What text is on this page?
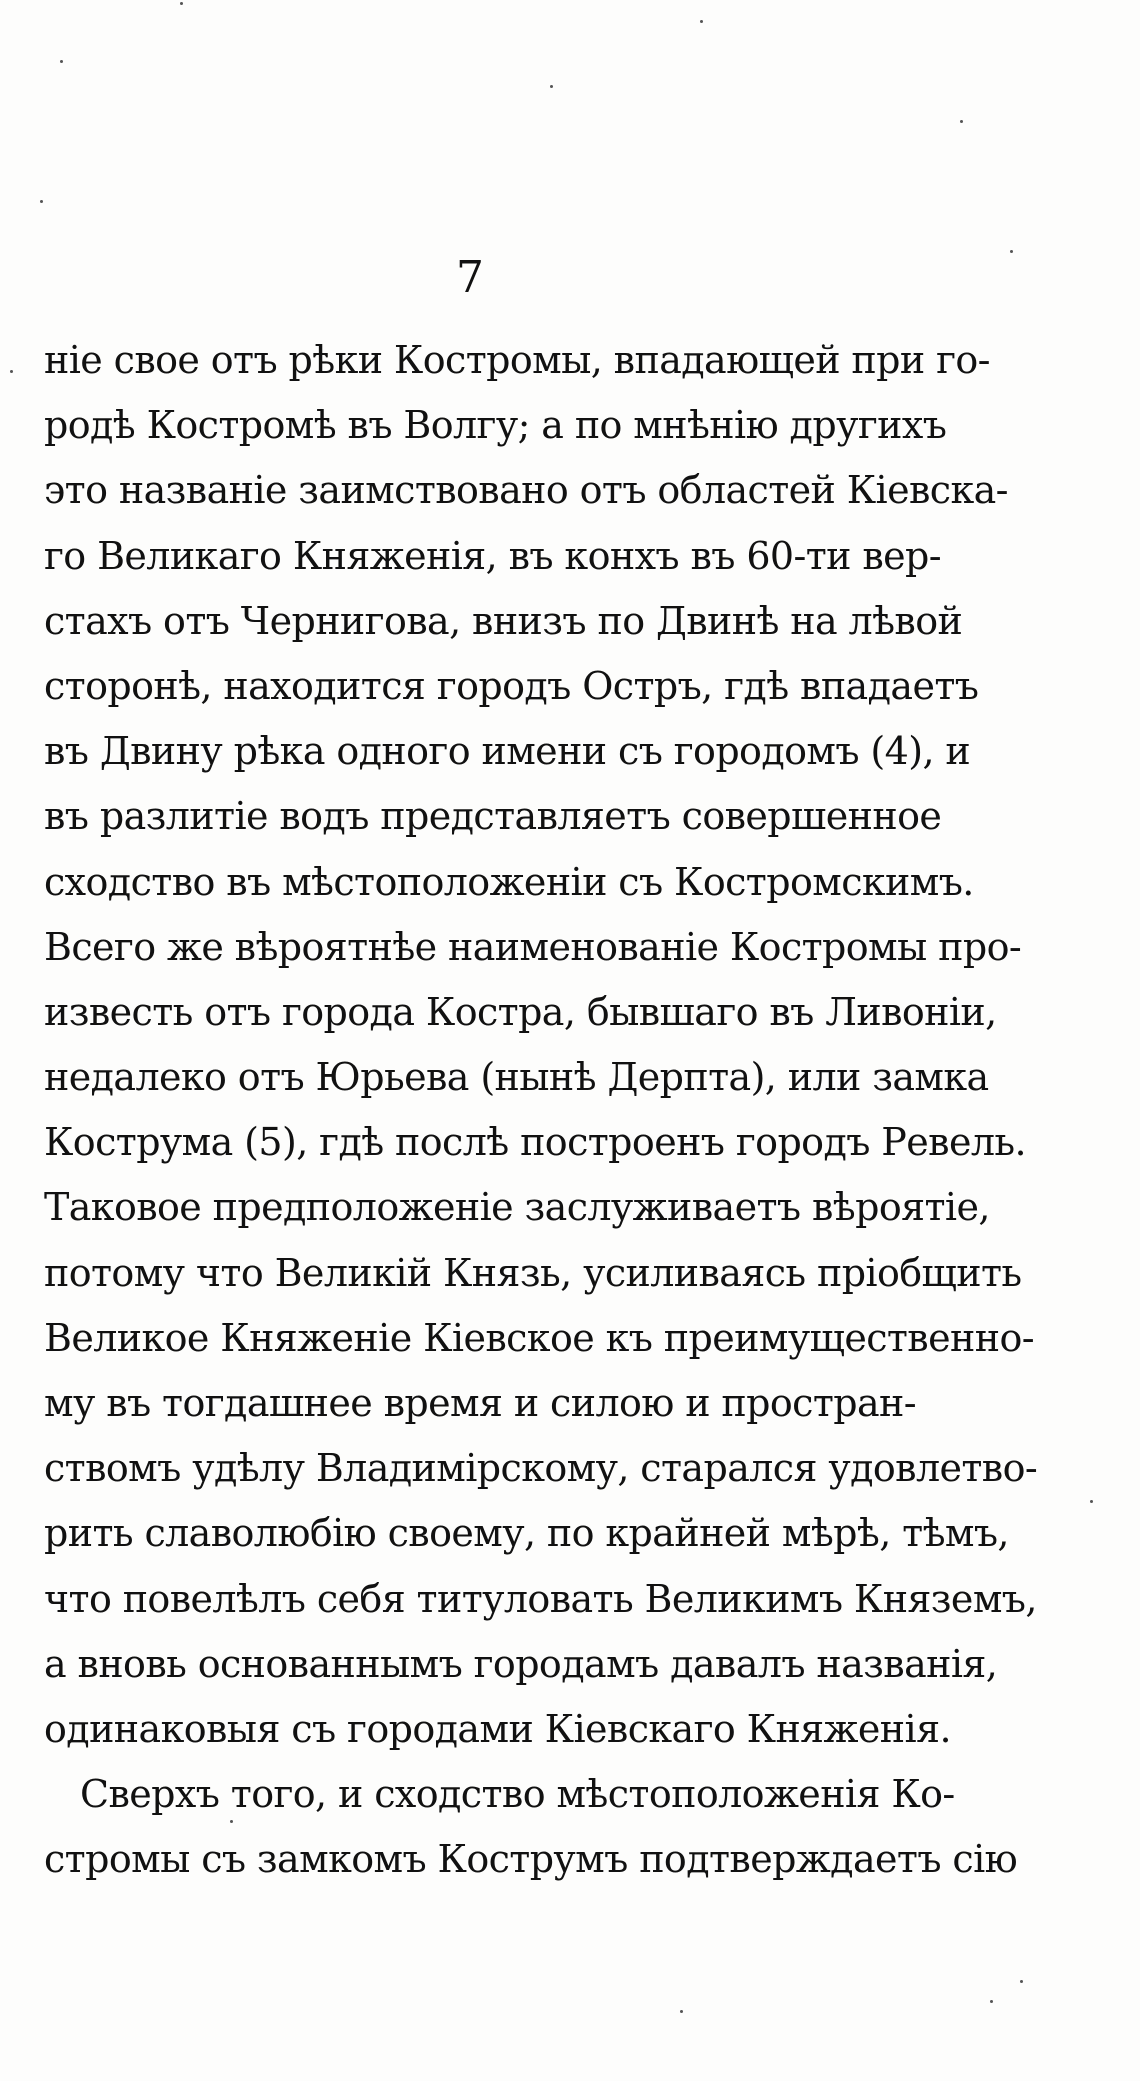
7
ніе свое отъ рѣки Костромы, впадающей при го-
родѣ Костромѣ въ Волгу; а по мнѣнію другихъ
это названіе заимствовано отъ областей Кіевска-
го Великаго Княженія, въ конхъ въ 60-ти вер-
стахъ отъ Чернигова, внизъ по Двинѣ на лѣвой
сторонѣ, находится городъ Остръ, гдѣ впадаетъ
въ Двину рѣка одного имени съ городомъ (4), и
въ разлитіе водъ представляетъ совершенное
сходство въ мѣстоположеніи съ Костромскимъ.
Всего же вѣроятнѣе наименованіе Костромы про-
известь отъ города Костра, бывшаго въ Ливоніи,
недалеко отъ Юрьева (нынѣ Дерпта), или замка
Кострума (5), гдѣ послѣ построенъ городъ Ревель.
Таковое предположеніе заслуживаетъ вѣроятіе,
потому что Великій Князь, усиливаясь пріобщить
Великое Княженіе Кіевское къ преимущественно-
му въ тогдашнее время и силою и простран-
ствомъ удѣлу Владимірскому, старался удовлетво-
рить славолюбію своему, по крайней мѣрѣ, тѣмъ,
что повелѣлъ себя титуловать Великимъ Княземъ,
а вновь основаннымъ городамъ давалъ названія,
одинаковыя съ городами Кіевскаго Княженія.
Сверхъ того, и сходство мѣстоположенія Ко-
стромы съ замкомъ Кострумъ подтверждаетъ сію
